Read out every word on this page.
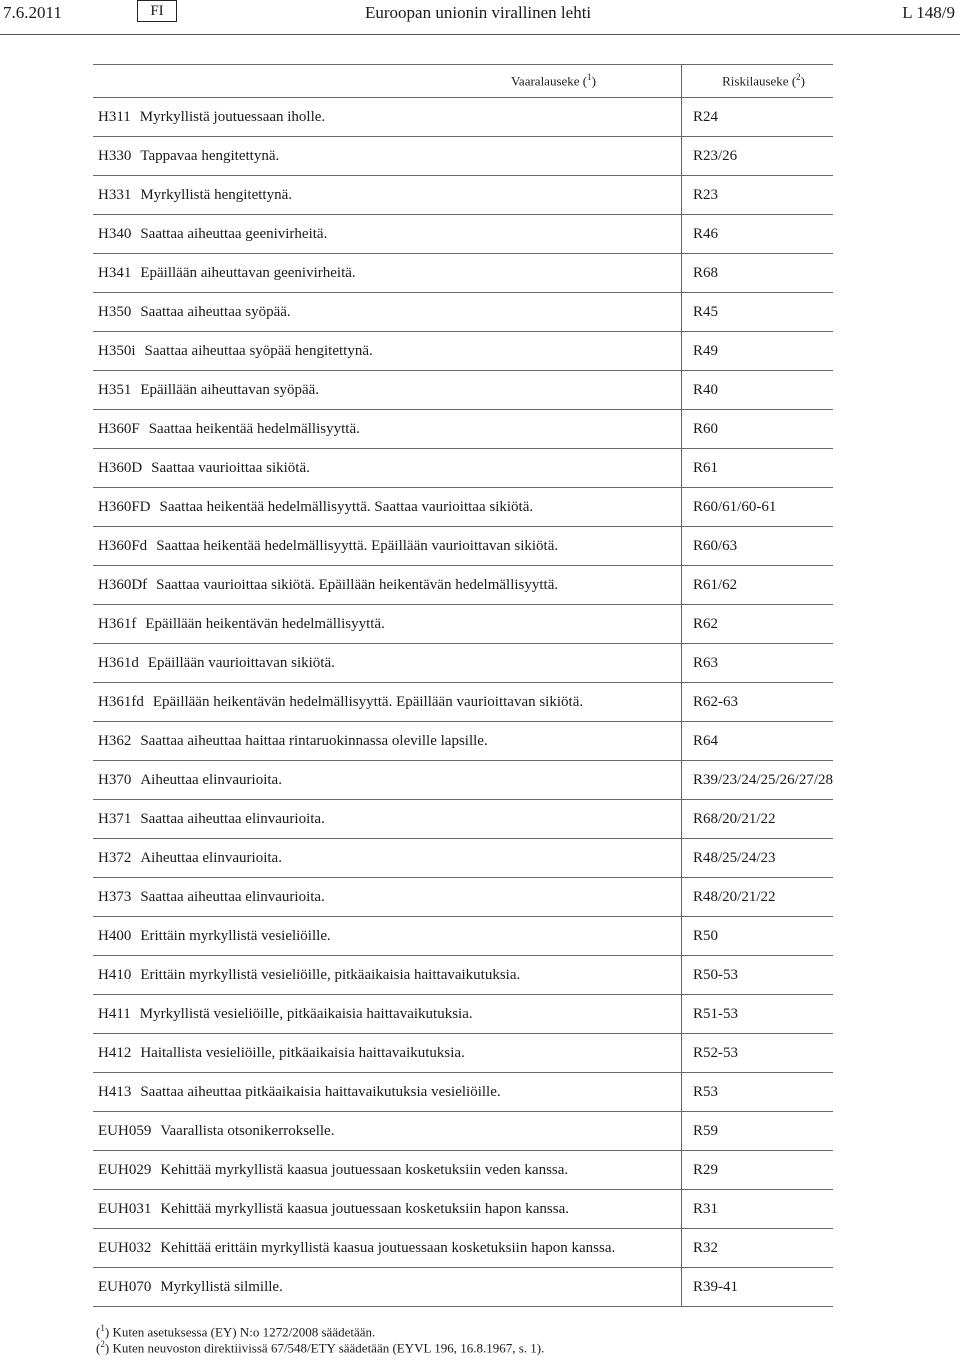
7.6.2011	FI	Euroopan unionin virallinen lehti	L 148/9
Vaaralauseke ($^1$)	Riskilauseke ($^2$)
H311 Myrkyllistä joutuessaan iholle.	R24
H330 Tappavaa hengitettynä.	R23/26
H331 Myrkyllistä hengitettynä.	R23
H340 Saattaa aiheuttaa geenivirheitä.	R46
H341 Epäillään aiheuttavan geenivirheitä.	R68
H350 Saattaa aiheuttaa syöpää.	R45
H350i Saattaa aiheuttaa syöpää hengitettynä.	R49
H351 Epäillään aiheuttavan syöpää.	R40
H360F Saattaa heikentää hedelmällisyyttä.	R60
H360D Saattaa vaurioittaa sikiötä.	R61
H360FD Saattaa heikentää hedelmällisyyttä. Saattaa vaurioittaa sikiötä.	R60/61/60-61
H360Fd Saattaa heikentää hedelmällisyyttä. Epäillään vaurioittavan sikiötä.	R60/63
H360Df Saattaa vaurioittaa sikiötä. Epäillään heikentävän hedelmällisyyttä.	R61/62
H361f Epäillään heikentävän hedelmällisyyttä.	R62
H361d Epäillään vaurioittavan sikiötä.	R63
H361fd Epäillään heikentävän hedelmällisyyttä. Epäillään vaurioittavan sikiötä.	R62-63
H362 Saattaa aiheuttaa haittaa rintaruokinnassa oleville lapsille.	R64
H370 Aiheuttaa elinvaurioita.	R39/23/24/25/26/27/28
H371 Saattaa aiheuttaa elinvaurioita.	R68/20/21/22
H372 Aiheuttaa elinvaurioita.	R48/25/24/23
H373 Saattaa aiheuttaa elinvaurioita.	R48/20/21/22
H400 Erittäin myrkyllistä vesieliöille.	R50
H410 Erittäin myrkyllistä vesieliöille, pitkäaikaisia haittavaikutuksia.	R50-53
H411 Myrkyllistä vesieliöille, pitkäaikaisia haittavaikutuksia.	R51-53
H412 Haitallista vesieliöille, pitkäaikaisia haittavaikutuksia.	R52-53
H413 Saattaa aiheuttaa pitkäaikaisia haittavaikutuksia vesieliöille.	R53
EUH059 Vaarallista otsonikerrokselle.	R59
EUH029 Kehittää myrkyllistä kaasua joutuessaan kosketuksiin veden kanssa.	R29
EUH031 Kehittää myrkyllistä kaasua joutuessaan kosketuksiin hapon kanssa.	R31
EUH032 Kehittää erittäin myrkyllistä kaasua joutuessaan kosketuksiin hapon kanssa.	R32
EUH070 Myrkyllistä silmille.	R39-41
($^1$) Kuten asetuksessa (EY) N:o 1272/2008 säädetään.
($^2$) Kuten neuvoston direktiivissä 67/548/ETY säädetään (EYVL 196, 16.8.1967, s. 1).
